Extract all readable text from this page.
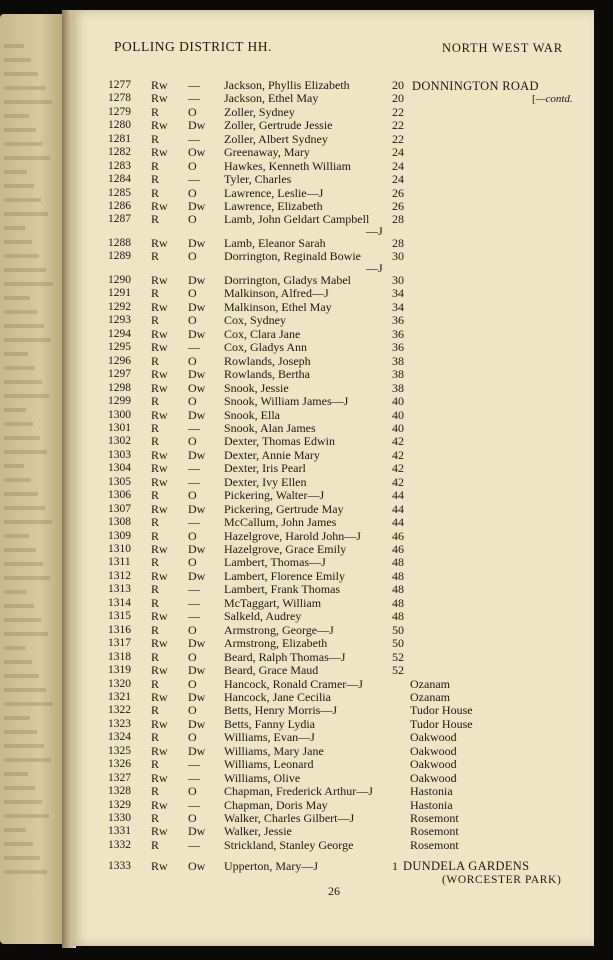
POLLING DISTRICT HH.	NORTH WEST WAR
DONNINGTON ROAD
[—contd.
1277	Rw	—	Jackson, Phyllis Elizabeth	20
1278	Rw	—	Jackson, Ethel May	20
1279	R	O	Zoller, Sydney	22
1280	Rw	Dw	Zoller, Gertrude Jessie	22
1281	R	—	Zoller, Albert Sydney	22
1282	Rw	Ow	Greenaway, Mary	24
1283	R	O	Hawkes, Kenneth William	24
1284	R	—	Tyler, Charles	24
1285	R	O	Lawrence, Leslie—J	26
1286	Rw	Dw	Lawrence, Elizabeth	26
1287	R	O	Lamb, John Geldart Campbell 28
—J
1288	Rw	Dw	Lamb, Eleanor Sarah	28
1289	R	O	Dorrington, Reginald Bowie	30
—J
1290	Rw	Dw	Dorrington, Gladys Mabel	30
1291	R	O	Malkinson, Alfred—J	34
1292	Rw	Dw	Malkinson, Ethel May	34
1293	R	O	Cox, Sydney	36
1294	Rw	Dw	Cox, Clara Jane	36
1295	Rw	—	Cox, Gladys Ann	36
1296	R	O	Rowlands, Joseph	38
1297	Rw	Dw	Rowlands, Bertha	38
1298	Rw	Ow	Snook, Jessie	38
1299	R	O	Snook, William James—J	40
1300	Rw	Dw	Snook, Ella	40
1301	R	—	Snook, Alan James	40
1302	R	O	Dexter, Thomas Edwin	42
1303	Rw	Dw	Dexter, Annie Mary	42
1304	Rw	—	Dexter, Iris Pearl	42
1305	Rw	—	Dexter, Ivy Ellen	42
1306	R	O	Pickering, Walter—J	44
1307	Rw	Dw	Pickering, Gertrude May	44
1308	R	—	McCallum, John James	44
1309	R	O	Hazelgrove, Harold John—J	46
1310	Rw	Dw	Hazelgrove, Grace Emily	46
1311	R	O	Lambert, Thomas—J	48
1312	Rw	Dw	Lambert, Florence Emily	48
1313	R	—	Lambert, Frank Thomas	48
1314	R	—	McTaggart, William	48
1315	Rw	—	Salkeld, Audrey	48
1316	R	O	Armstrong, George—J	50
1317	Rw	Dw	Armstrong, Elizabeth	50
1318	R	O	Beard, Ralph Thomas—J	52
1319	Rw	Dw	Beard, Grace Maud	52
1320	R	O	Hancock, Ronald Cramer—J	Ozanam
1321	Rw	Dw	Hancock, Jane Cecilia	Ozanam
1322	R	O	Betts, Henry Morris—J	Tudor House
1323	Rw	Dw	Betts, Fanny Lydia	Tudor House
1324	R	O	Williams, Evan—J	Oakwood
1325	Rw	Dw	Williams, Mary Jane	Oakwood
1326	R	—	Williams, Leonard	Oakwood
1327	Rw	—	Williams, Olive	Oakwood
1328	R	O	Chapman, Frederick Arthur—J	Hastonia
1329	Rw	—	Chapman, Doris May	Hastonia
1330	R	O	Walker, Charles Gilbert—J	Rosemont
1331	Rw	Dw	Walker, Jessie	Rosemont
1332	R	—	Strickland, Stanley George	Rosemont
1333	Rw	Ow	Upperton, Mary—J	1 DUNDELA GARDENS
(WORCESTER PARK)
26
